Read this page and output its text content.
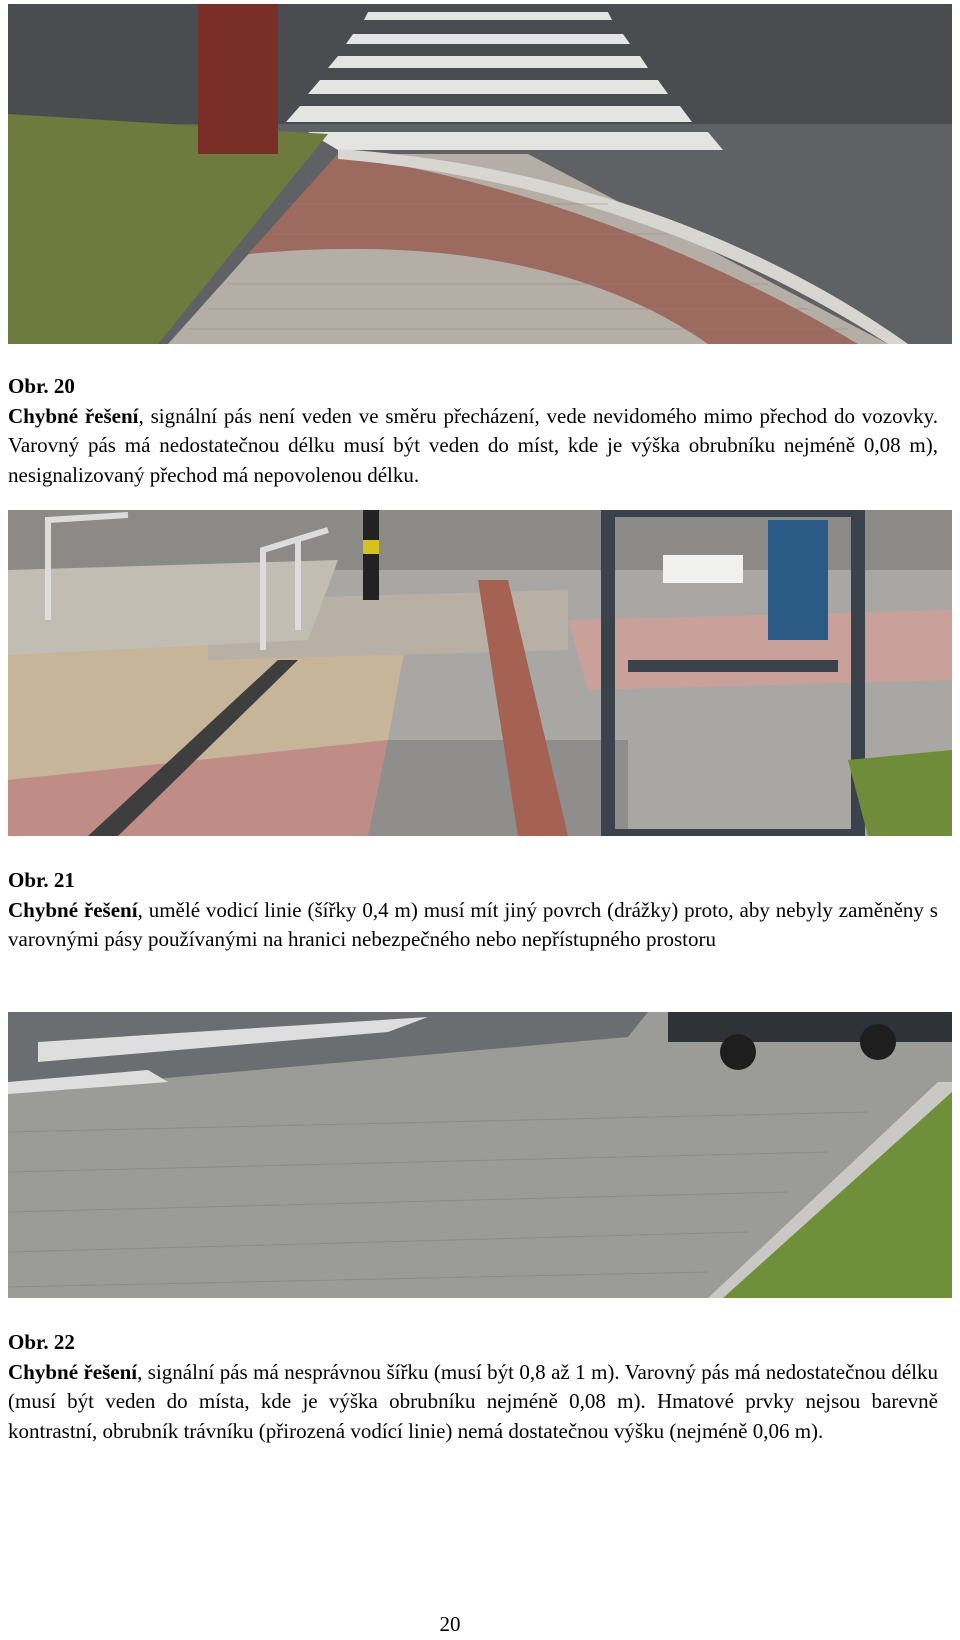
Obr. 20
Chybné řešení, signální pás není veden ve směru přecházení, vede nevidomého mimo přechod do vozovky. Varovný pás má nedostatečnou délku musí být veden do míst, kde je výška obrubníku nejméně 0,08 m), nesignalizovaný přechod má nepovolenou délku.
Obr. 21
Chybné řešení, umělé vodicí linie (šířky 0,4 m) musí mít jiný povrch (drážky) proto, aby nebyly zaměněny s varovnými pásy používanými na hranici nebezpečného nebo nepřístupného prostoru
Obr. 22
Chybné řešení, signální pás má nesprávnou šířku (musí být 0,8 až 1 m). Varovný pás má nedostatečnou délku (musí být veden do místa, kde je výška obrubníku nejméně 0,08 m). Hmatové prvky nejsou barevně kontrastní, obrubník trávníku (přirozená vodící linie) nemá dostatečnou výšku (nejméně 0,06 m).
20
